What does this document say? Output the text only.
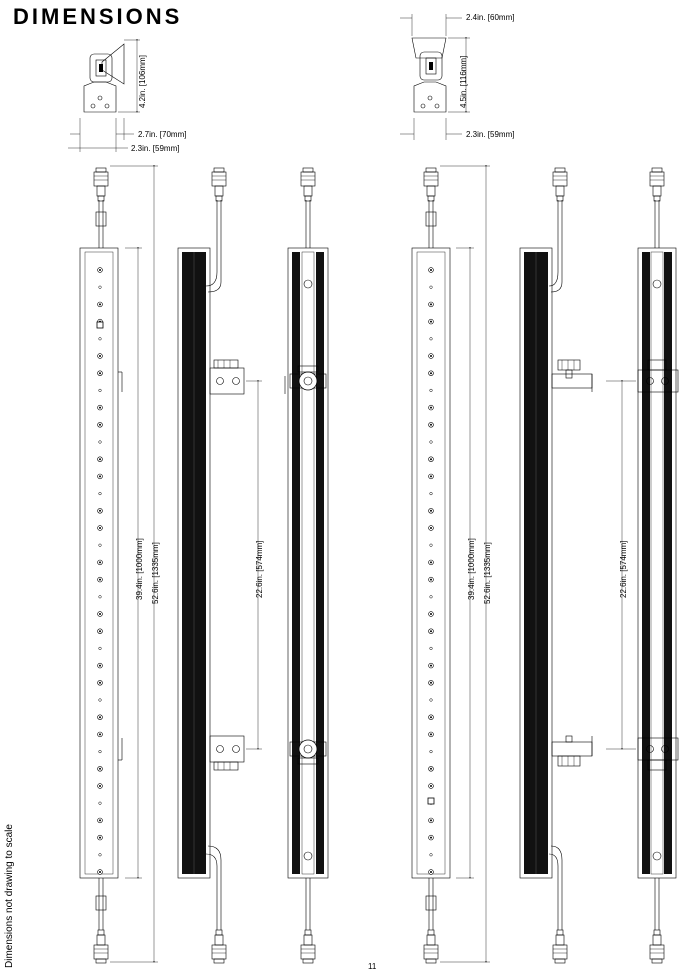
DIMENSIONS
Dimensions not drawing to scale	11
4.2in. [106mm]
2.7in. [70mm]
2.3in. [59mm]
2.4in. [60mm]
4.5in. [116mm]
2.3in. [59mm]
39.4in. [1000mm] 52.6in. [1335mm]	22.6in. [574mm]	39.4in. [1000mm] 52.6in. [1335mm]	22.6in. [574mm]
